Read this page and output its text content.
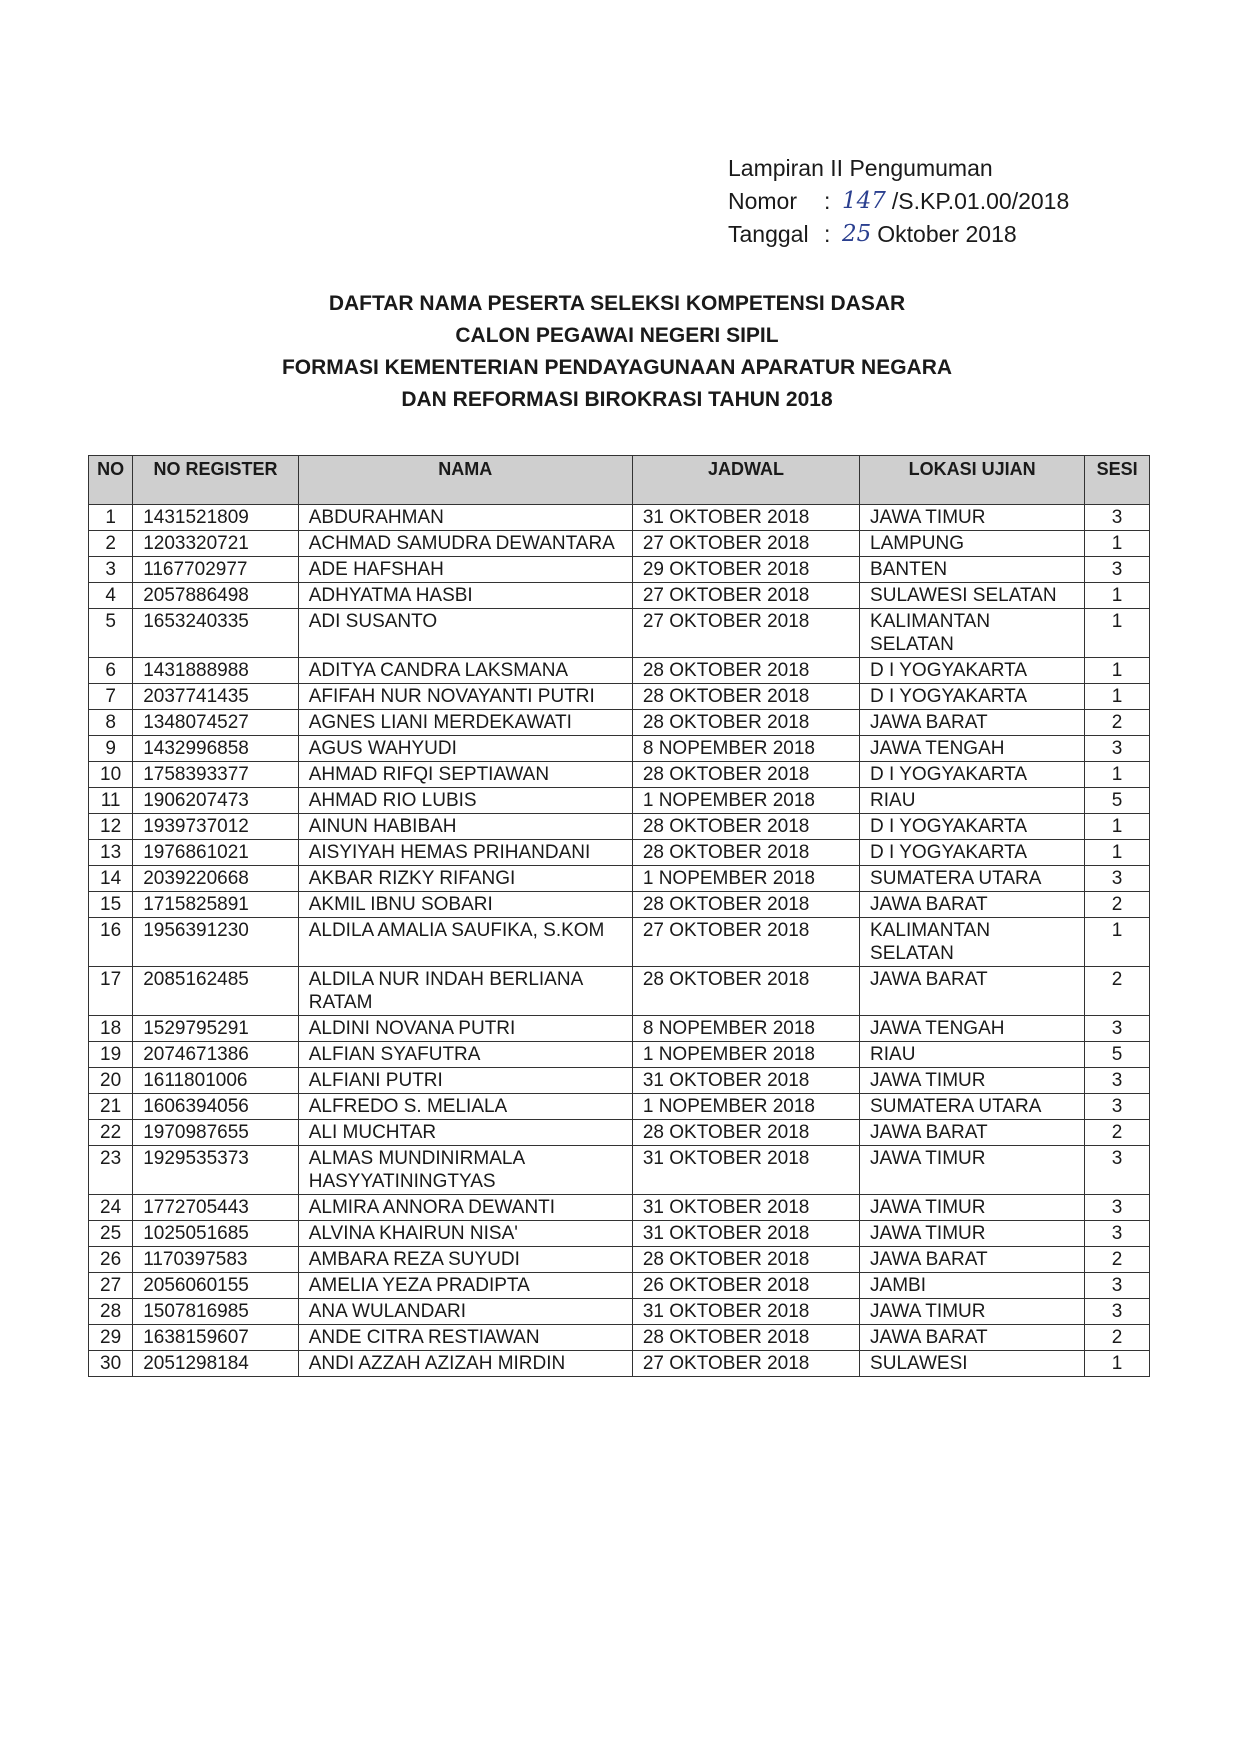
Lampiran II Pengumuman
Nomor	: 147 /S.KP.01.00/2018
Tanggal : 25 Oktober 2018
DAFTAR NAMA PESERTA SELEKSI KOMPETENSI DASAR
CALON PEGAWAI NEGERI SIPIL
FORMASI KEMENTERIAN PENDAYAGUNAAN APARATUR NEGARA
DAN REFORMASI BIROKRASI TAHUN 2018
NO	NO REGISTER	NAMA	JADWAL	LOKASI UJIAN	SESI
1	1431521809	ABDURAHMAN	31 OKTOBER 2018	JAWA TIMUR	3
2	1203320721	ACHMAD SAMUDRA DEWANTARA	27 OKTOBER 2018	LAMPUNG	1
3	1167702977	ADE HAFSHAH	29 OKTOBER 2018	BANTEN	3
4	2057886498	ADHYATMA HASBI	27 OKTOBER 2018	SULAWESI SELATAN	1
5	1653240335	ADI SUSANTO	27 OKTOBER 2018	KALIMANTAN SELATAN	1
6	1431888988	ADITYA CANDRA LAKSMANA	28 OKTOBER 2018	D I YOGYAKARTA	1
7	2037741435	AFIFAH NUR NOVAYANTI PUTRI	28 OKTOBER 2018	D I YOGYAKARTA	1
8	1348074527	AGNES LIANI MERDEKAWATI	28 OKTOBER 2018	JAWA BARAT	2
9	1432996858	AGUS WAHYUDI	8 NOPEMBER 2018	JAWA TENGAH	3
10	1758393377	AHMAD RIFQI SEPTIAWAN	28 OKTOBER 2018	D I YOGYAKARTA	1
11	1906207473	AHMAD RIO LUBIS	1 NOPEMBER 2018	RIAU	5
12	1939737012	AINUN HABIBAH	28 OKTOBER 2018	D I YOGYAKARTA	1
13	1976861021	AISYIYAH HEMAS PRIHANDANI	28 OKTOBER 2018	D I YOGYAKARTA	1
14	2039220668	AKBAR RIZKY RIFANGI	1 NOPEMBER 2018	SUMATERA UTARA	3
15	1715825891	AKMIL IBNU SOBARI	28 OKTOBER 2018	JAWA BARAT	2
16	1956391230	ALDILA AMALIA SAUFIKA, S.KOM	27 OKTOBER 2018	KALIMANTAN SELATAN	1
17	2085162485	ALDILA NUR INDAH BERLIANA RATAM	28 OKTOBER 2018	JAWA BARAT	2
18	1529795291	ALDINI NOVANA PUTRI	8 NOPEMBER 2018	JAWA TENGAH	3
19	2074671386	ALFIAN SYAFUTRA	1 NOPEMBER 2018	RIAU	5
20	1611801006	ALFIANI PUTRI	31 OKTOBER 2018	JAWA TIMUR	3
21	1606394056	ALFREDO S. MELIALA	1 NOPEMBER 2018	SUMATERA UTARA	3
22	1970987655	ALI MUCHTAR	28 OKTOBER 2018	JAWA BARAT	2
23	1929535373	ALMAS MUNDINIRMALA HASYYATININGTYAS	31 OKTOBER 2018	JAWA TIMUR	3
24	1772705443	ALMIRA ANNORA DEWANTI	31 OKTOBER 2018	JAWA TIMUR	3
25	1025051685	ALVINA KHAIRUN NISA'	31 OKTOBER 2018	JAWA TIMUR	3
26	1170397583	AMBARA REZA SUYUDI	28 OKTOBER 2018	JAWA BARAT	2
27	2056060155	AMELIA YEZA PRADIPTA	26 OKTOBER 2018	JAMBI	3
28	1507816985	ANA WULANDARI	31 OKTOBER 2018	JAWA TIMUR	3
29	1638159607	ANDE CITRA RESTIAWAN	28 OKTOBER 2018	JAWA BARAT	2
30	2051298184	ANDI AZZAH AZIZAH MIRDIN	27 OKTOBER 2018	SULAWESI	1
